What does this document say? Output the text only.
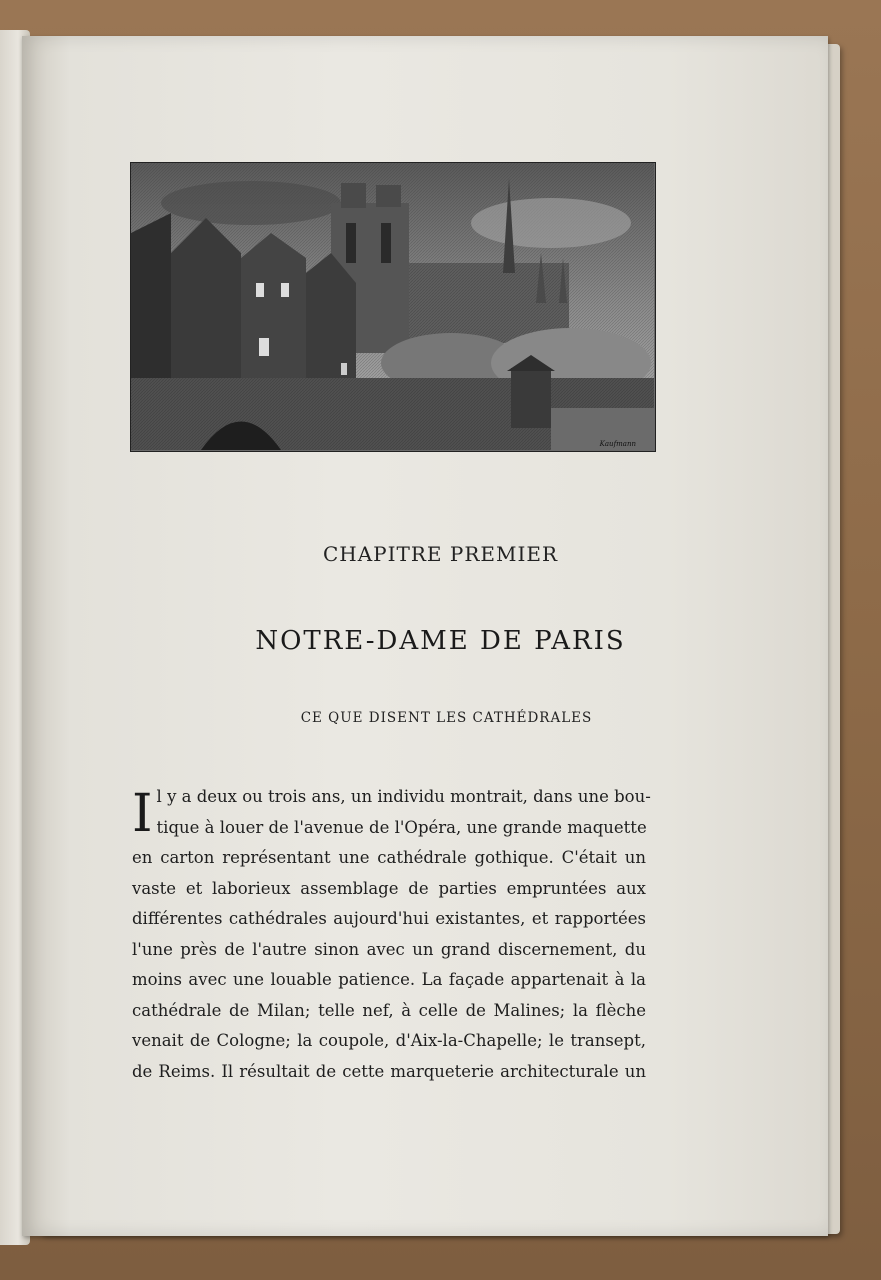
Kaufmann
CHAPITRE PREMIER
NOTRE-DAME DE PARIS
CE QUE DISENT LES CATHÉDRALES
I l y a deux ou trois ans, un individu montrait, dans une bou-
tique à louer de l'avenue de l'Opéra, une grande maquette
en carton représentant une cathédrale gothique. C'était un
vaste et laborieux assemblage de parties empruntées aux
différentes cathédrales aujourd'hui existantes, et rapportées
l'une près de l'autre sinon avec un grand discernement, du
moins avec une louable patience. La façade appartenait à la
cathédrale de Milan; telle nef, à celle de Malines; la flèche
venait de Cologne; la coupole, d'Aix-la-Chapelle; le transept,
de Reims. Il résultait de cette marqueterie architecturale un
